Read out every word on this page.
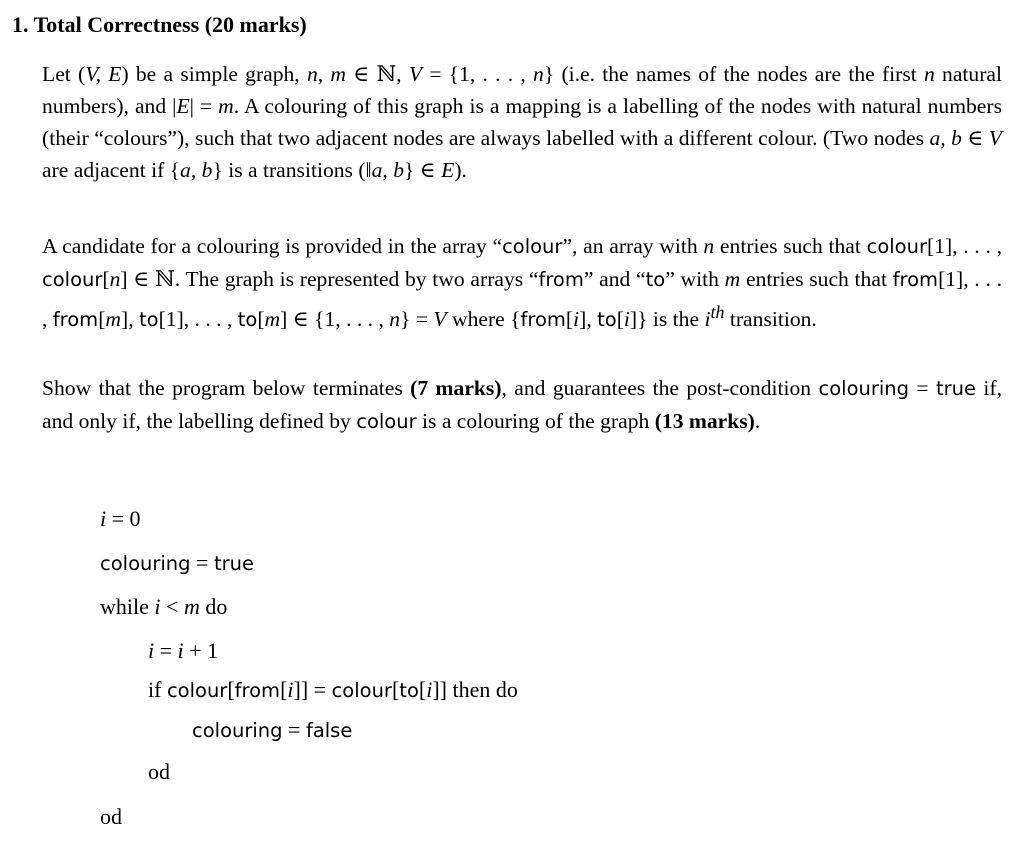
1. Total Correctness (20 marks)

Let (V, E) be a simple graph, n, m ∈ ℕ, V = {1, . . . , n} (i.e. the names of the nodes are the first n natural numbers), and |E| = m. A colouring of this graph is a mapping is a labelling of the nodes with natural numbers (their “colours”), such that two adjacent nodes are always labelled with a different colour. (Two nodes a, b ∈ V are adjacent if {a, b} is a transitions (‖a, b} ∈ E).

A candidate for a colouring is provided in the array “colour”, an array with n entries such that colour[1], . . . , colour[n] ∈ ℕ. The graph is represented by two arrays “from” and “to” with m entries such that from[1], . . . , from[m], to[1], . . . , to[m] ∈ {1, . . . , n} = V where {from[i], to[i]} is the $i^{th}$ transition.

Show that the program below terminates (7 marks), and guarantees the post-condition colouring = true if, and only if, the labelling defined by colour is a colouring of the graph (13 marks).

i = 0
colouring = true
while i < m do
i = i + 1
if colour[from[i]] = colour[to[i]] then do
colouring = false
od
od
